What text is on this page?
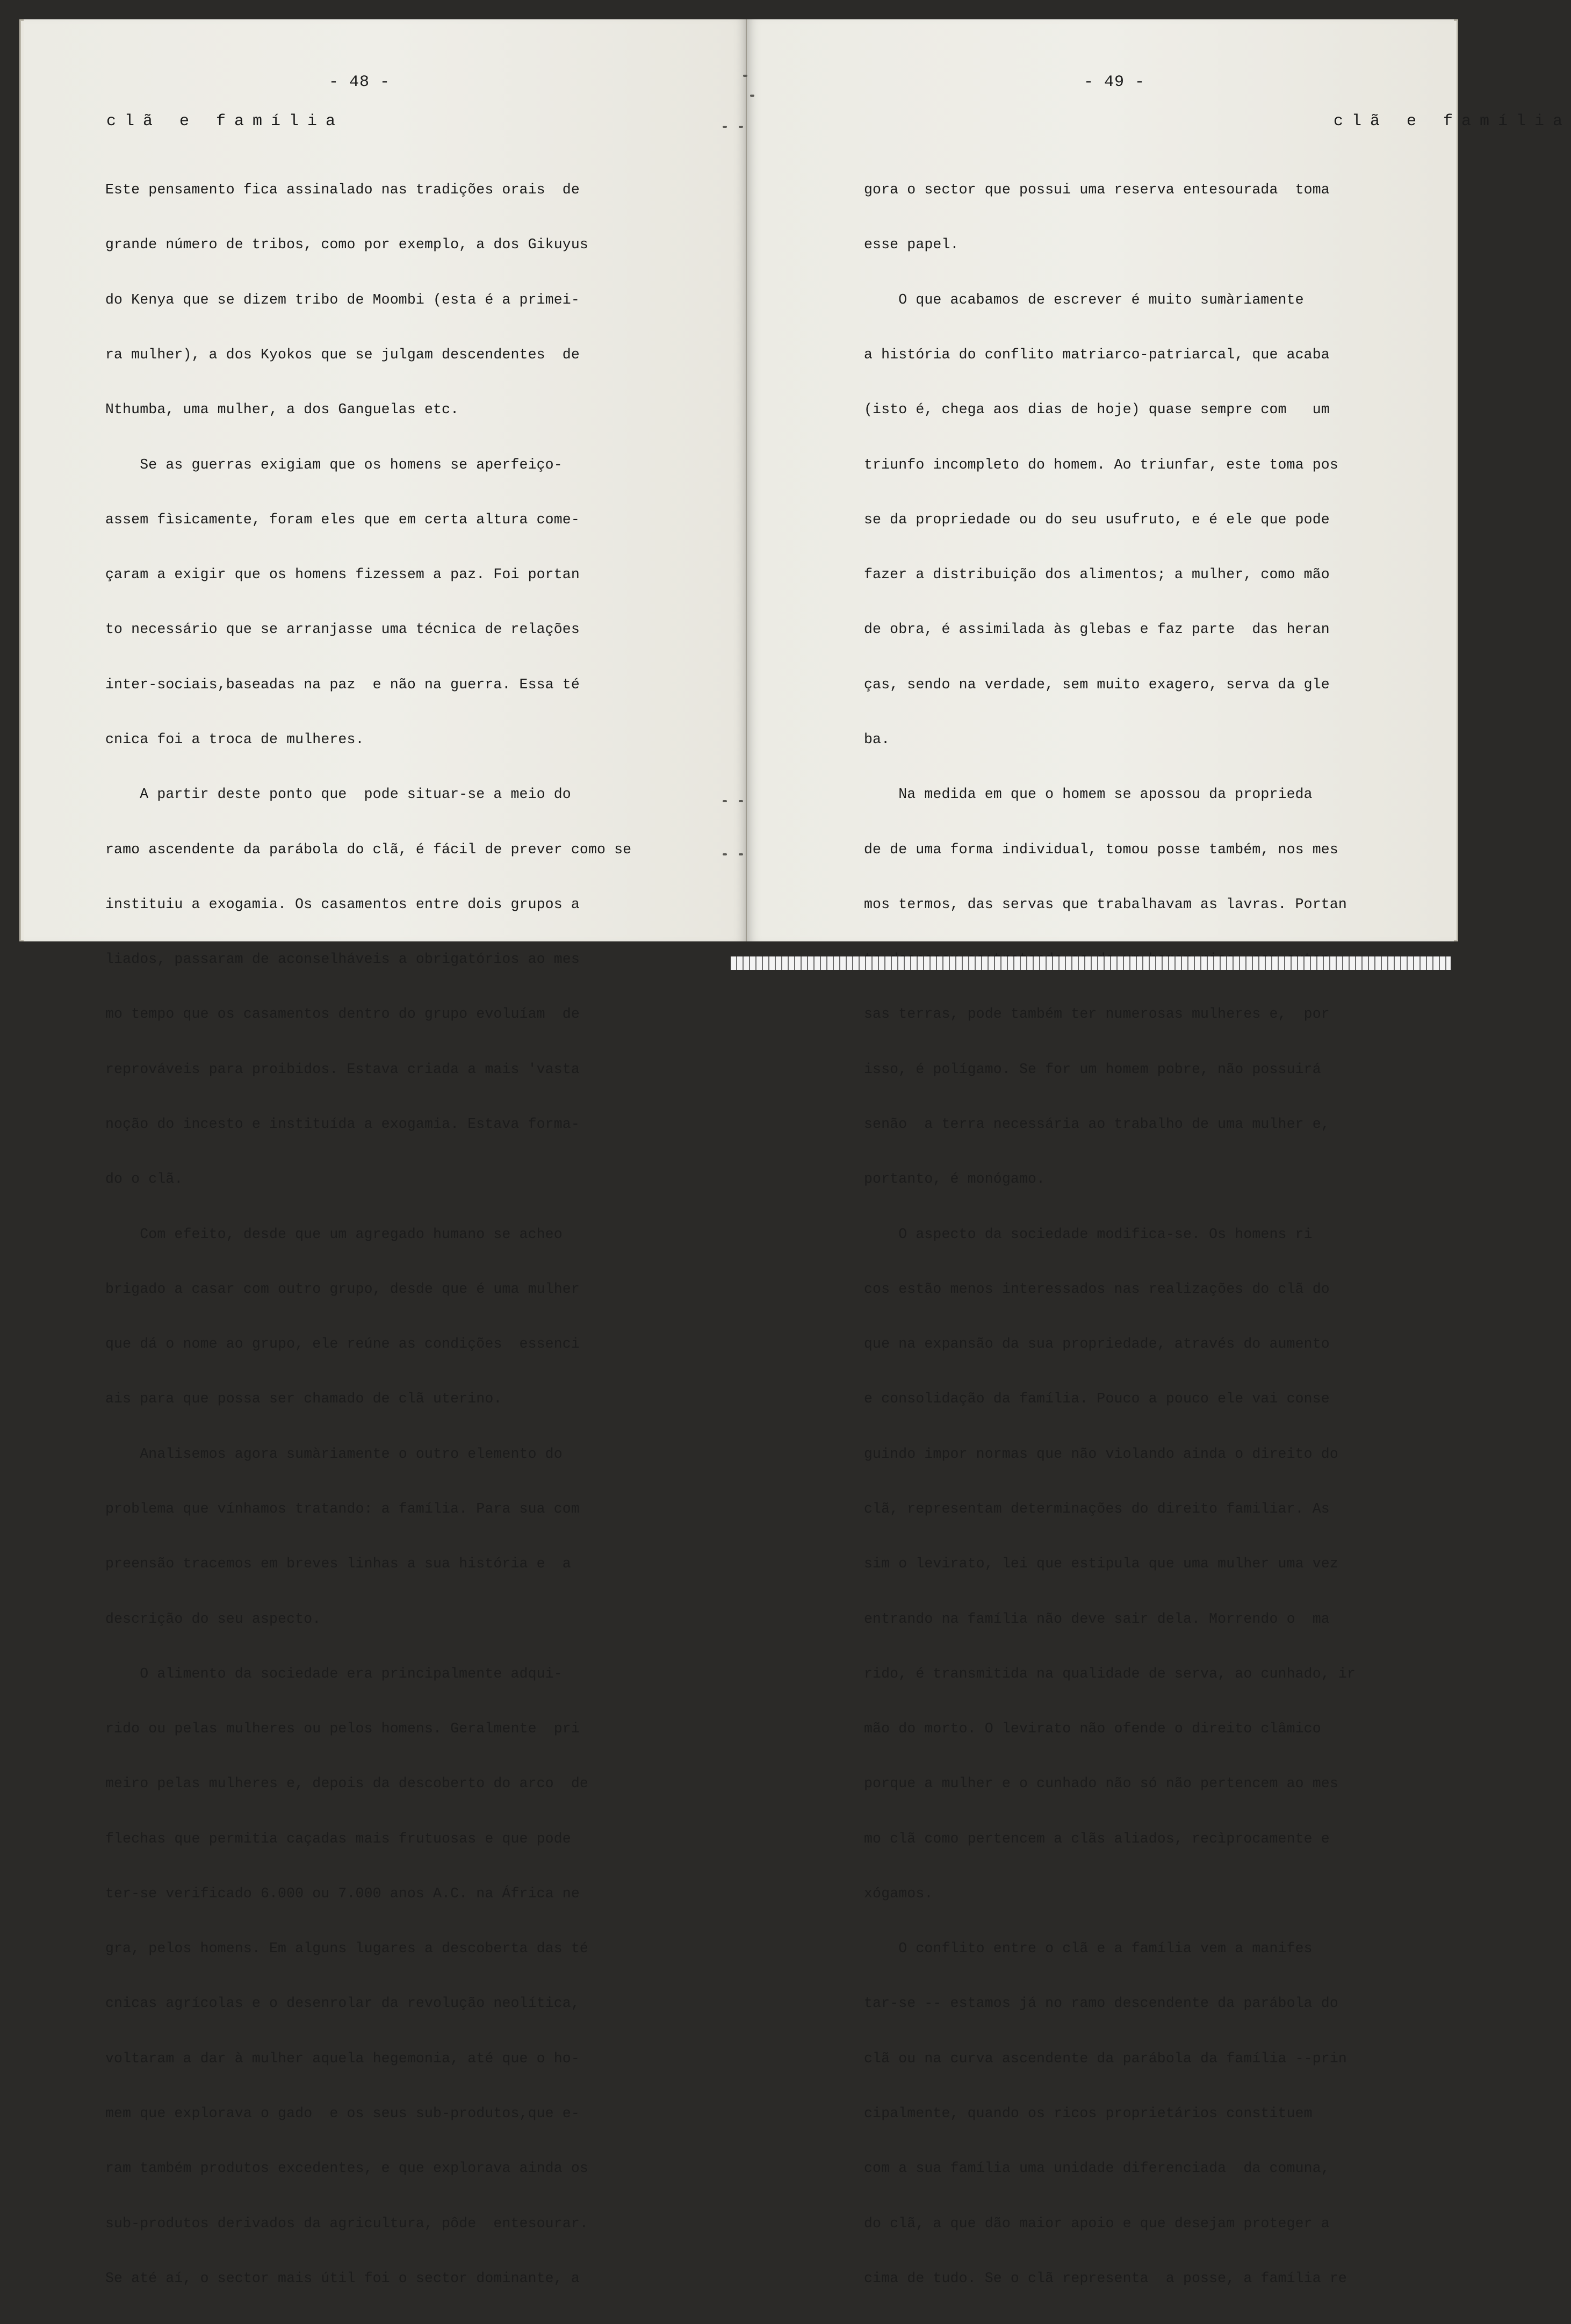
- 48 -
clã e família

Este pensamento fica assinalado nas tradições orais  de

grande número de tribos, como por exemplo, a dos Gikuyus

do Kenya que se dizem tribo de Moombi (esta é a primei-

ra mulher), a dos Kyokos que se julgam descendentes  de

Nthumba, uma mulher, a dos Ganguelas etc.

Se as guerras exigiam que os homens se aperfeiço-

assem fìsicamente, foram eles que em certa altura come-

çaram a exigir que os homens fizessem a paz. Foi portan

to necessário que se arranjasse uma técnica de relações

inter-sociais,baseadas na paz  e não na guerra. Essa té

cnica foi a troca de mulheres.

A partir deste ponto que  pode situar-se a meio do

ramo ascendente da parábola do clã, é fácil de prever como se

instituiu a exogamia. Os casamentos entre dois grupos a

liados, passaram de aconselháveis a obrigatórios ao mes

mo tempo que os casamentos dentro do grupo evoluíam  de

reprováveis para proibidos. Estava criada a mais 'vasta

noção do incesto e instituída a exogamia. Estava forma-

do o clã.

Com efeito, desde que um agregado humano se acheo

brigado a casar com outro grupo, desde que é uma mulher

que dá o nome ao grupo, ele reúne as condições  essenci

ais para que possa ser chamado de clã uterino.

Analisemos agora sumàriamente o outro elemento do

problema que vínhamos tratando: a família. Para sua com

preensão tracemos em breves linhas a sua história e  a

descrição do seu aspecto.

O alimento da sociedade era principalmente adqui-

rido ou pelas mulheres ou pelos homens. Geralmente  pri

meiro pelas mulheres e, depois da descoberto do arco  de

flechas que permitia caçadas mais frutuosas e que pode

ter-se verificado 6.000 ou 7.000 anos A.C. na África ne

gra, pelos homens. Em alguns lugares a descoberta das té

cnicas agrícolas e o desenrolar da revolução neolítica,

voltaram a dar à mulher aquela hegemonia, até que o ho-

mem que explorava o gado  e os seus sub-produtos,que e-

ram também produtos excedentes, e que explorava ainda os

sub-produtos derivados da agricultura, pôde  entesourar.

Se até aí, o sector mais útil foi o sector dominante, a

- 49 -
clã e família

gora o sector que possui uma reserva entesourada  toma

esse papel.

O que acabamos de escrever é muito sumàriamente

a história do conflito matriarco-patriarcal, que acaba

(isto é, chega aos dias de hoje) quase sempre com   um

triunfo incompleto do homem. Ao triunfar, este toma pos

se da propriedade ou do seu usufruto, e é ele que pode

fazer a distribuição dos alimentos; a mulher, como mão

de obra, é assimilada às glebas e faz parte  das heran

ças, sendo na verdade, sem muito exagero, serva da gle

ba.

Na medida em que o homem se apossou da proprieda

de de uma forma individual, tomou posse também, nos mes

mos termos, das servas que trabalhavam as lavras. Portan

sas terras, pode também ter numerosas mulheres e,  por

isso, é polígamo. Se for um homem pobre, não possuirá

senão  a terra necessária ao trabalho de uma mulher e,

portanto, é monógamo.

O aspecto da sociedade modifica-se. Os homens ri

cos estão menos interessados nas realizações do clã do

que na expansão da sua propriedade, através do aumento

e consolidação da família. Pouco a pouco ele vai conse

guindo impor normas que não violando ainda o direito do

clã, representam determinações do direito familiar. As

sim o levirato, lei que estipula que uma mulher uma vez

entrando na família não deve sair dela. Morrendo o  ma

rido, é transmitida na qualidade de serva, ao cunhado, ir

mão do morto. O levirato não ofende o direito clâmico

porque a mulher e o cunhado não só não pertencem ao mes

mo clã como pertencem a clãs aliados, recìprocamente e

xógamos.

O conflito entre o clã e a família vem a manifes

tar-se -- estamos já no ramo descendente da parábola do

clã ou na curva ascendente da parábola da família --prin

cipalmente, quando os ricos proprietários constituem

com a sua família uma unidade diferenciada  da comuna,

do clã, a que dão maior apoio e que desejam proteger a

cima de tudo. Se o clã representa  a posse, a família re
